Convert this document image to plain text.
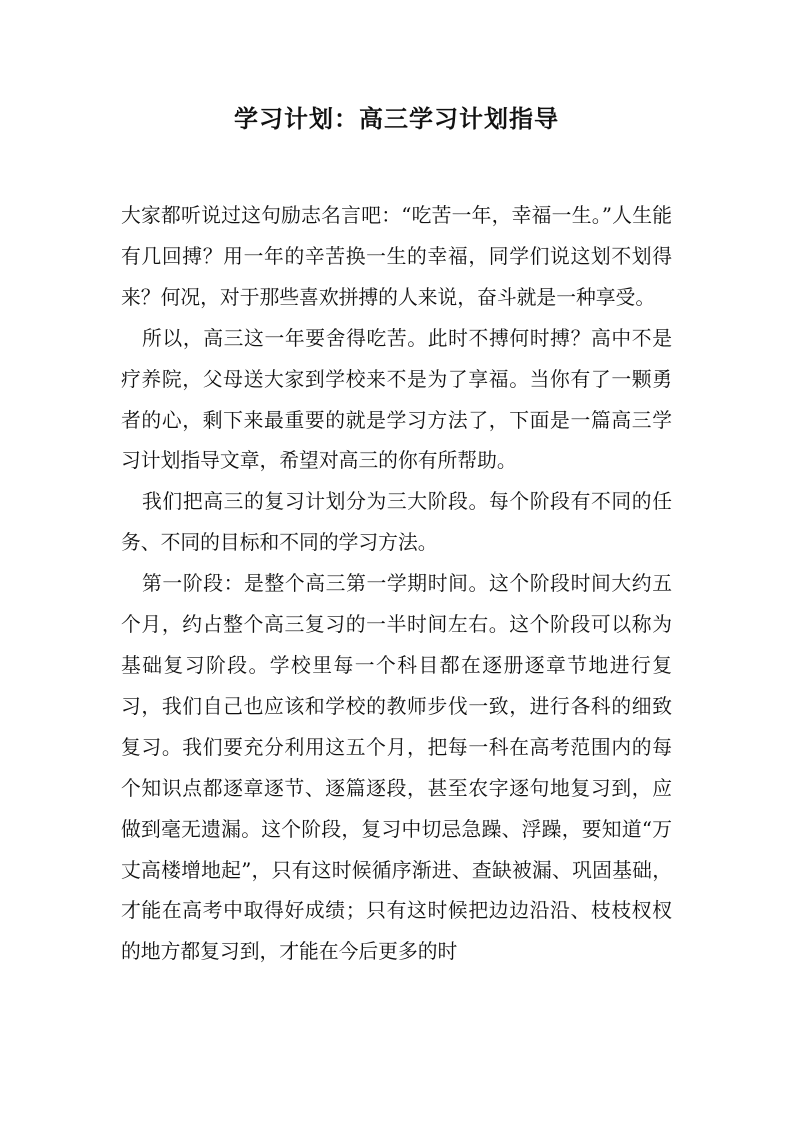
学习计划：高三学习计划指导

大家都听说过这句励志名言吧：“吃苦一年，幸福一生。”人生能有几回搏？用一年的辛苦换一生的幸福，同学们说这划不划得来？何况，对于那些喜欢拼搏的人来说，奋斗就是一种享受。

所以，高三这一年要舍得吃苦。此时不搏何时搏？高中不是疗养院，父母送大家到学校来不是为了享福。当你有了一颗勇者的心，剩下来最重要的就是学习方法了，下面是一篇高三学习计划指导文章，希望对高三的你有所帮助。

我们把高三的复习计划分为三大阶段。每个阶段有不同的任务、不同的目标和不同的学习方法。

第一阶段：是整个高三第一学期时间。这个阶段时间大约五个月，约占整个高三复习的一半时间左右。这个阶段可以称为基础复习阶段。学校里每一个科目都在逐册逐章节地进行复习，我们自己也应该和学校的教师步伐一致，进行各科的细致复习。我们要充分利用这五个月，把每一科在高考范围内的每个知识点都逐章逐节、逐篇逐段，甚至农字逐句地复习到，应做到毫无遗漏。这个阶段，复习中切忌急躁、浮躁，要知道“万丈高楼增地起”，只有这时候循序渐进、查缺被漏、巩固基础，才能在高考中取得好成绩；只有这时候把边边沿沿、枝枝杈杈的地方都复习到，才能在今后更多的时
